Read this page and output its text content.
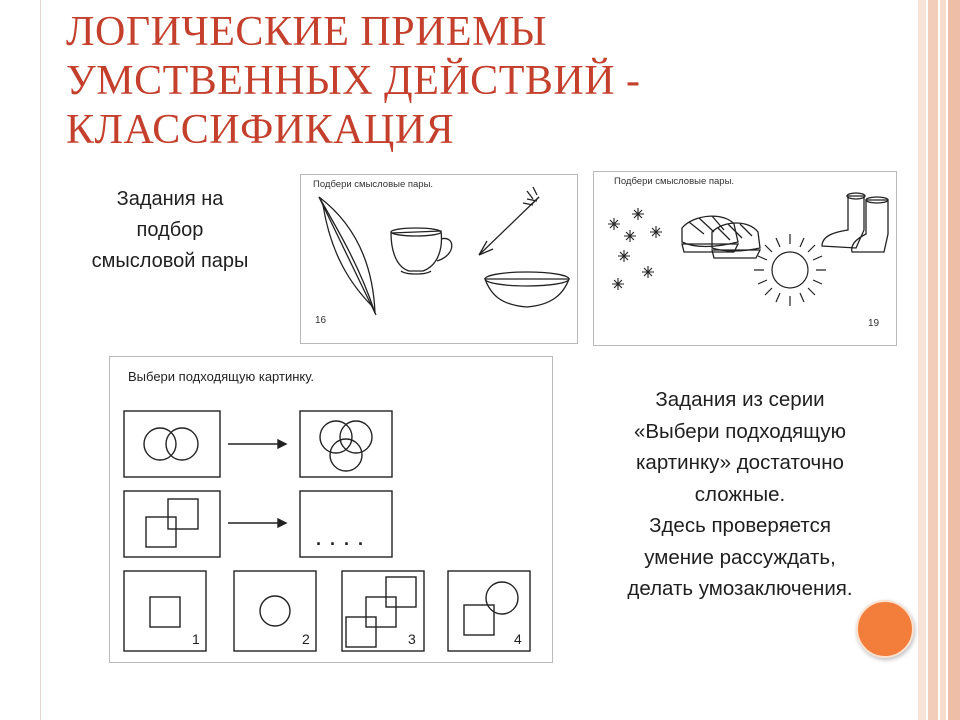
ЛОГИЧЕСКИЕ ПРИЕМЫ
УМСТВЕННЫХ ДЕЙСТВИЙ -
КЛАССИФИКАЦИЯ
Задания на
подбор
смысловой пары

Подбери смысловые пары.

16

Подбери смысловые пары.

19

Выбери подходящую картинку.

. . . .
1	2	3	4
Задания из серии
«Выбери подходящую
картинку» достаточно
сложные.
Здесь проверяется
умение рассуждать,
делать умозаключения.
